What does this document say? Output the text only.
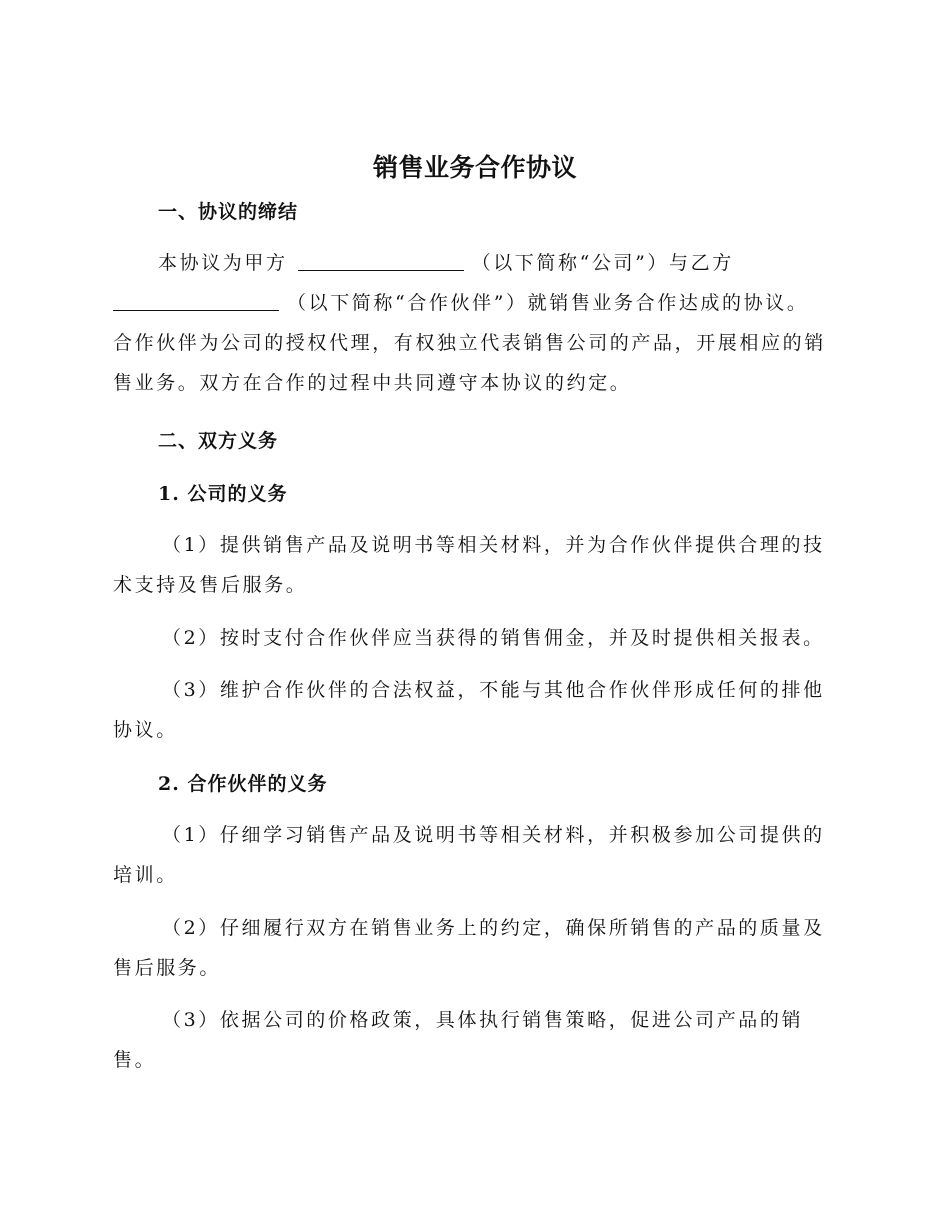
销售业务合作协议
一、协议的缔结

本协议为甲方	（以下简称“公司”）与乙方
（以下简称“合作伙伴”）就销售业务合作达成的协议。
合作伙伴为公司的授权代理，有权独立代表销售公司的产品，开展相应的销售业务。双方在合作的过程中共同遵守本协议的约定。

二、双方义务
1. 公司的义务

（1）提供销售产品及说明书等相关材料，并为合作伙伴提供合理的技术支持及售后服务。

（2）按时支付合作伙伴应当获得的销售佣金，并及时提供相关报表。

（3）维护合作伙伴的合法权益，不能与其他合作伙伴形成任何的排他协议。

2. 合作伙伴的义务

（1）仔细学习销售产品及说明书等相关材料，并积极参加公司提供的培训。

（2）仔细履行双方在销售业务上的约定，确保所销售的产品的质量及售后服务。

（3）依据公司的价格政策，具体执行销售策略，促进公司产品的销售。
